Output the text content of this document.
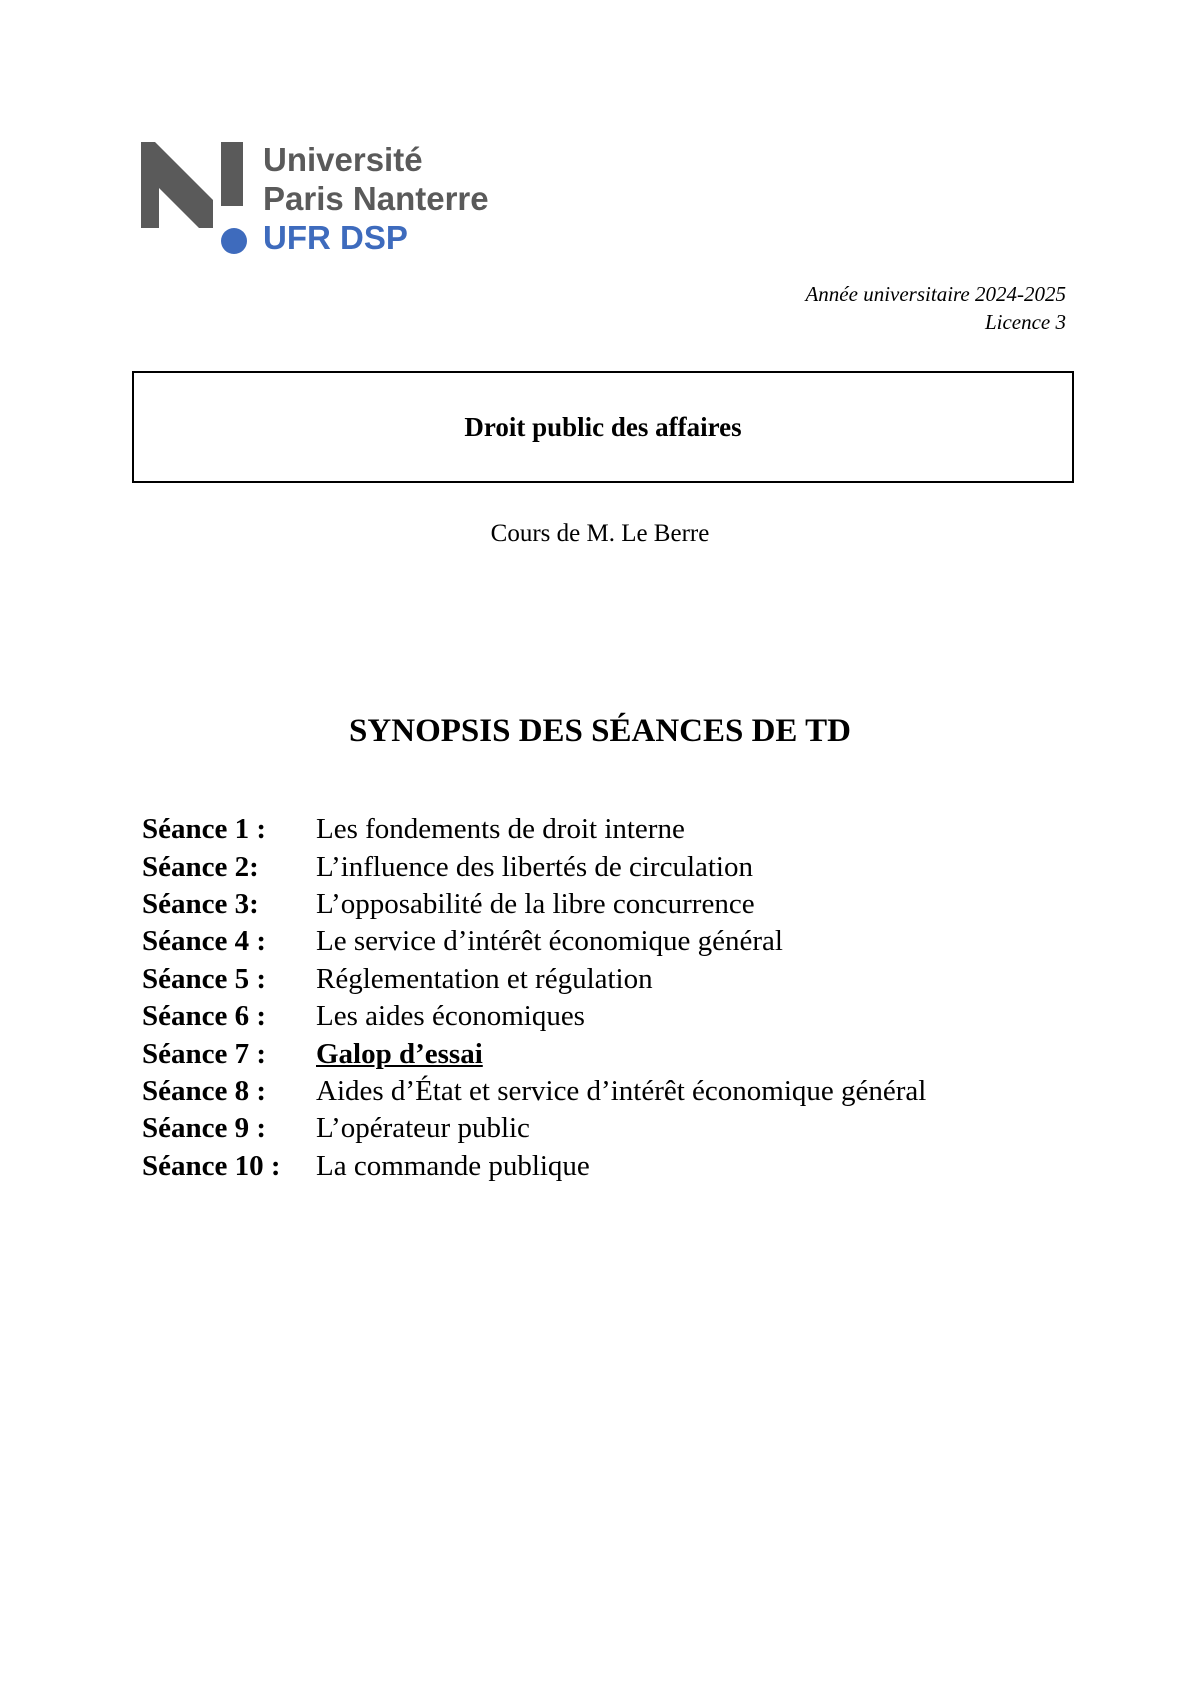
Université
Paris Nanterre
UFR DSP
Année universitaire 2024-2025
Licence 3
Droit public des affaires
Cours de M. Le Berre
SYNOPSIS DES SÉANCES DE TD
Séance 1 :	Les fondements de droit interne
Séance 2:	L’influence des libertés de circulation
Séance 3:	L’opposabilité de la libre concurrence
Séance 4 :	Le service d’intérêt économique général
Séance 5 :	Réglementation et régulation
Séance 6 :	Les aides économiques
Séance 7 :	Galop d’essai
Séance 8 :	Aides d’État et service d’intérêt économique général
Séance 9 :	L’opérateur public
Séance 10 :	La commande publique
